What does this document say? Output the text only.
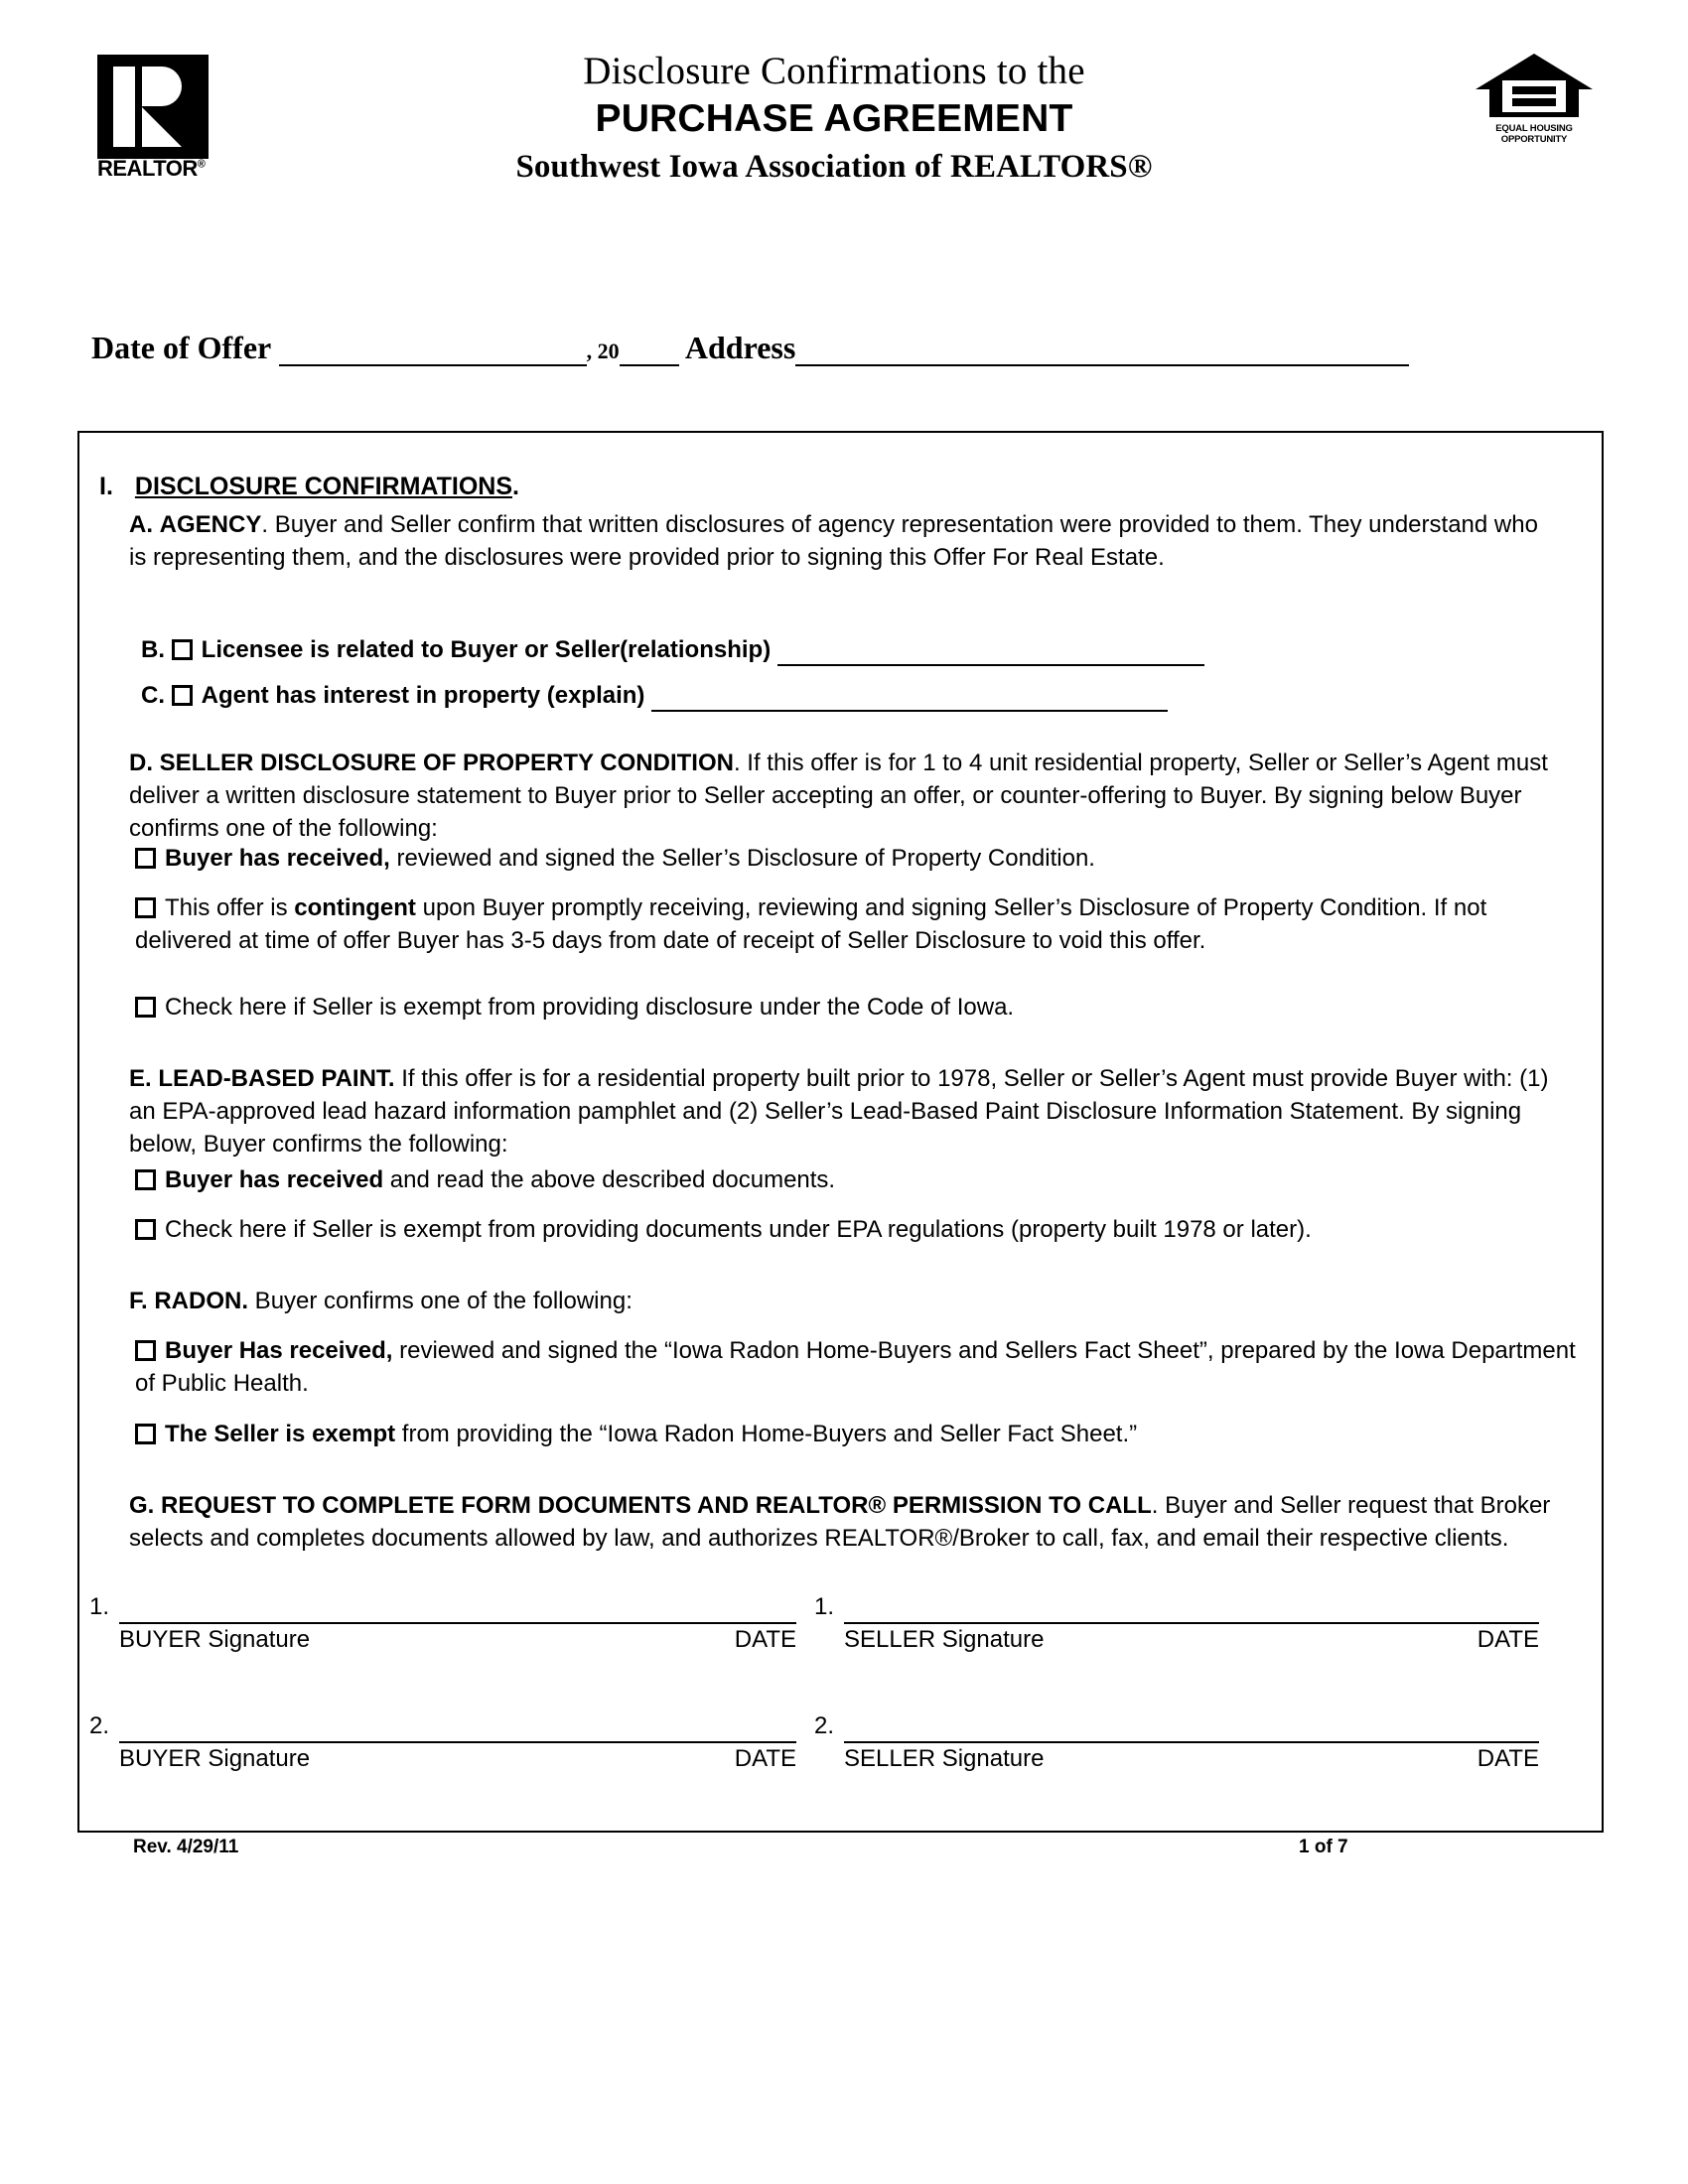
REALTOR®
Disclosure Confirmations to the
PURCHASE AGREEMENT
Southwest Iowa Association of REALTORS®
EQUAL HOUSING
OPPORTUNITY
Date of Offer	, 20 Address
I. DISCLOSURE CONFIRMATIONS.
A. AGENCY. Buyer and Seller confirm that written disclosures of agency representation were provided to them. They understand who is representing them, and the disclosures were provided prior to signing this Offer For Real Estate.
B. Licensee is related to Buyer or Seller(relationship)
C. Agent has interest in property (explain)
D. SELLER DISCLOSURE OF PROPERTY CONDITION. If this offer is for 1 to 4 unit residential property, Seller or Seller’s Agent must deliver a written disclosure statement to Buyer prior to Seller accepting an offer, or counter-offering to Buyer. By signing below Buyer confirms one of the following:
Buyer has received, reviewed and signed the Seller’s Disclosure of Property Condition.
This offer is contingent upon Buyer promptly receiving, reviewing and signing Seller’s Disclosure of Property Condition. If not delivered at time of offer Buyer has 3-5 days from date of receipt of Seller Disclosure to void this offer.
Check here if Seller is exempt from providing disclosure under the Code of Iowa.
E. LEAD-BASED PAINT. If this offer is for a residential property built prior to 1978, Seller or Seller’s Agent must provide Buyer with: (1) an EPA-approved lead hazard information pamphlet and (2) Seller’s Lead-Based Paint Disclosure Information Statement. By signing below, Buyer confirms the following:
Buyer has received and read the above described documents.
Check here if Seller is exempt from providing documents under EPA regulations (property built 1978 or later).
F. RADON. Buyer confirms one of the following:
Buyer Has received, reviewed and signed the “Iowa Radon Home-Buyers and Sellers Fact Sheet”, prepared by the Iowa Department of Public Health.
The Seller is exempt from providing the “Iowa Radon Home-Buyers and Seller Fact Sheet.”
G. REQUEST TO COMPLETE FORM DOCUMENTS AND REALTOR® PERMISSION TO CALL. Buyer and Seller request that Broker selects and completes documents allowed by law, and authorizes REALTOR®/Broker to call, fax, and email their respective clients.
1.
BUYER Signature	DATE
1.
SELLER Signature	DATE
2.
BUYER Signature	DATE
2.
SELLER Signature	DATE
Rev. 4/29/11	1 of 7
